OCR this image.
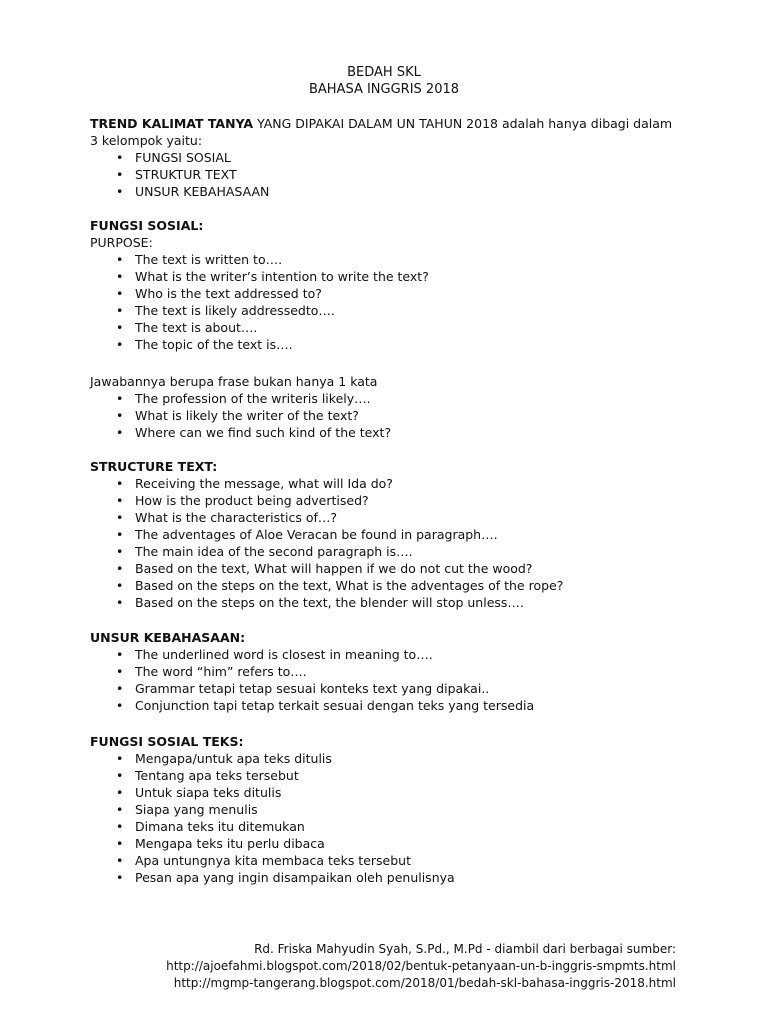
BEDAH SKL
BAHASA INGGRIS 2018
TREND KALIMAT TANYA YANG DIPAKAI DALAM UN TAHUN 2018 adalah hanya dibagi dalam
3 kelompok yaitu:
• FUNGSI SOSIAL
• STRUKTUR TEXT
• UNSUR KEBAHASAAN
FUNGSI SOSIAL:
PURPOSE:
• The text is written to….
• What is the writer’s intention to write the text?
• Who is the text addressed to?
• The text is likely addressedto….
• The text is about….
• The topic of the text is….
Jawabannya berupa frase bukan hanya 1 kata
• The profession of the writeris likely….
• What is likely the writer of the text?
• Where can we find such kind of the text?
STRUCTURE TEXT:
• Receiving the message, what will Ida do?
• How is the product being advertised?
• What is the characteristics of…?
• The adventages of Aloe Veracan be found in paragraph….
• The main idea of the second paragraph is….
• Based on the text, What will happen if we do not cut the wood?
• Based on the steps on the text, What is the adventages of the rope?
• Based on the steps on the text, the blender will stop unless….
UNSUR KEBAHASAAN:
• The underlined word is closest in meaning to….
• The word “him” refers to….
• Grammar tetapi tetap sesuai konteks text yang dipakai..
• Conjunction tapi tetap terkait sesuai dengan teks yang tersedia
FUNGSI SOSIAL TEKS:
• Mengapa/untuk apa teks ditulis
• Tentang apa teks tersebut
• Untuk siapa teks ditulis
• Siapa yang menulis
• Dimana teks itu ditemukan
• Mengapa teks itu perlu dibaca
• Apa untungnya kita membaca teks tersebut
• Pesan apa yang ingin disampaikan oleh penulisnya
Rd. Friska Mahyudin Syah, S.Pd., M.Pd - diambil dari berbagai sumber:
http://ajoefahmi.blogspot.com/2018/02/bentuk-petanyaan-un-b-inggris-smpmts.html
http://mgmp-tangerang.blogspot.com/2018/01/bedah-skl-bahasa-inggris-2018.html
